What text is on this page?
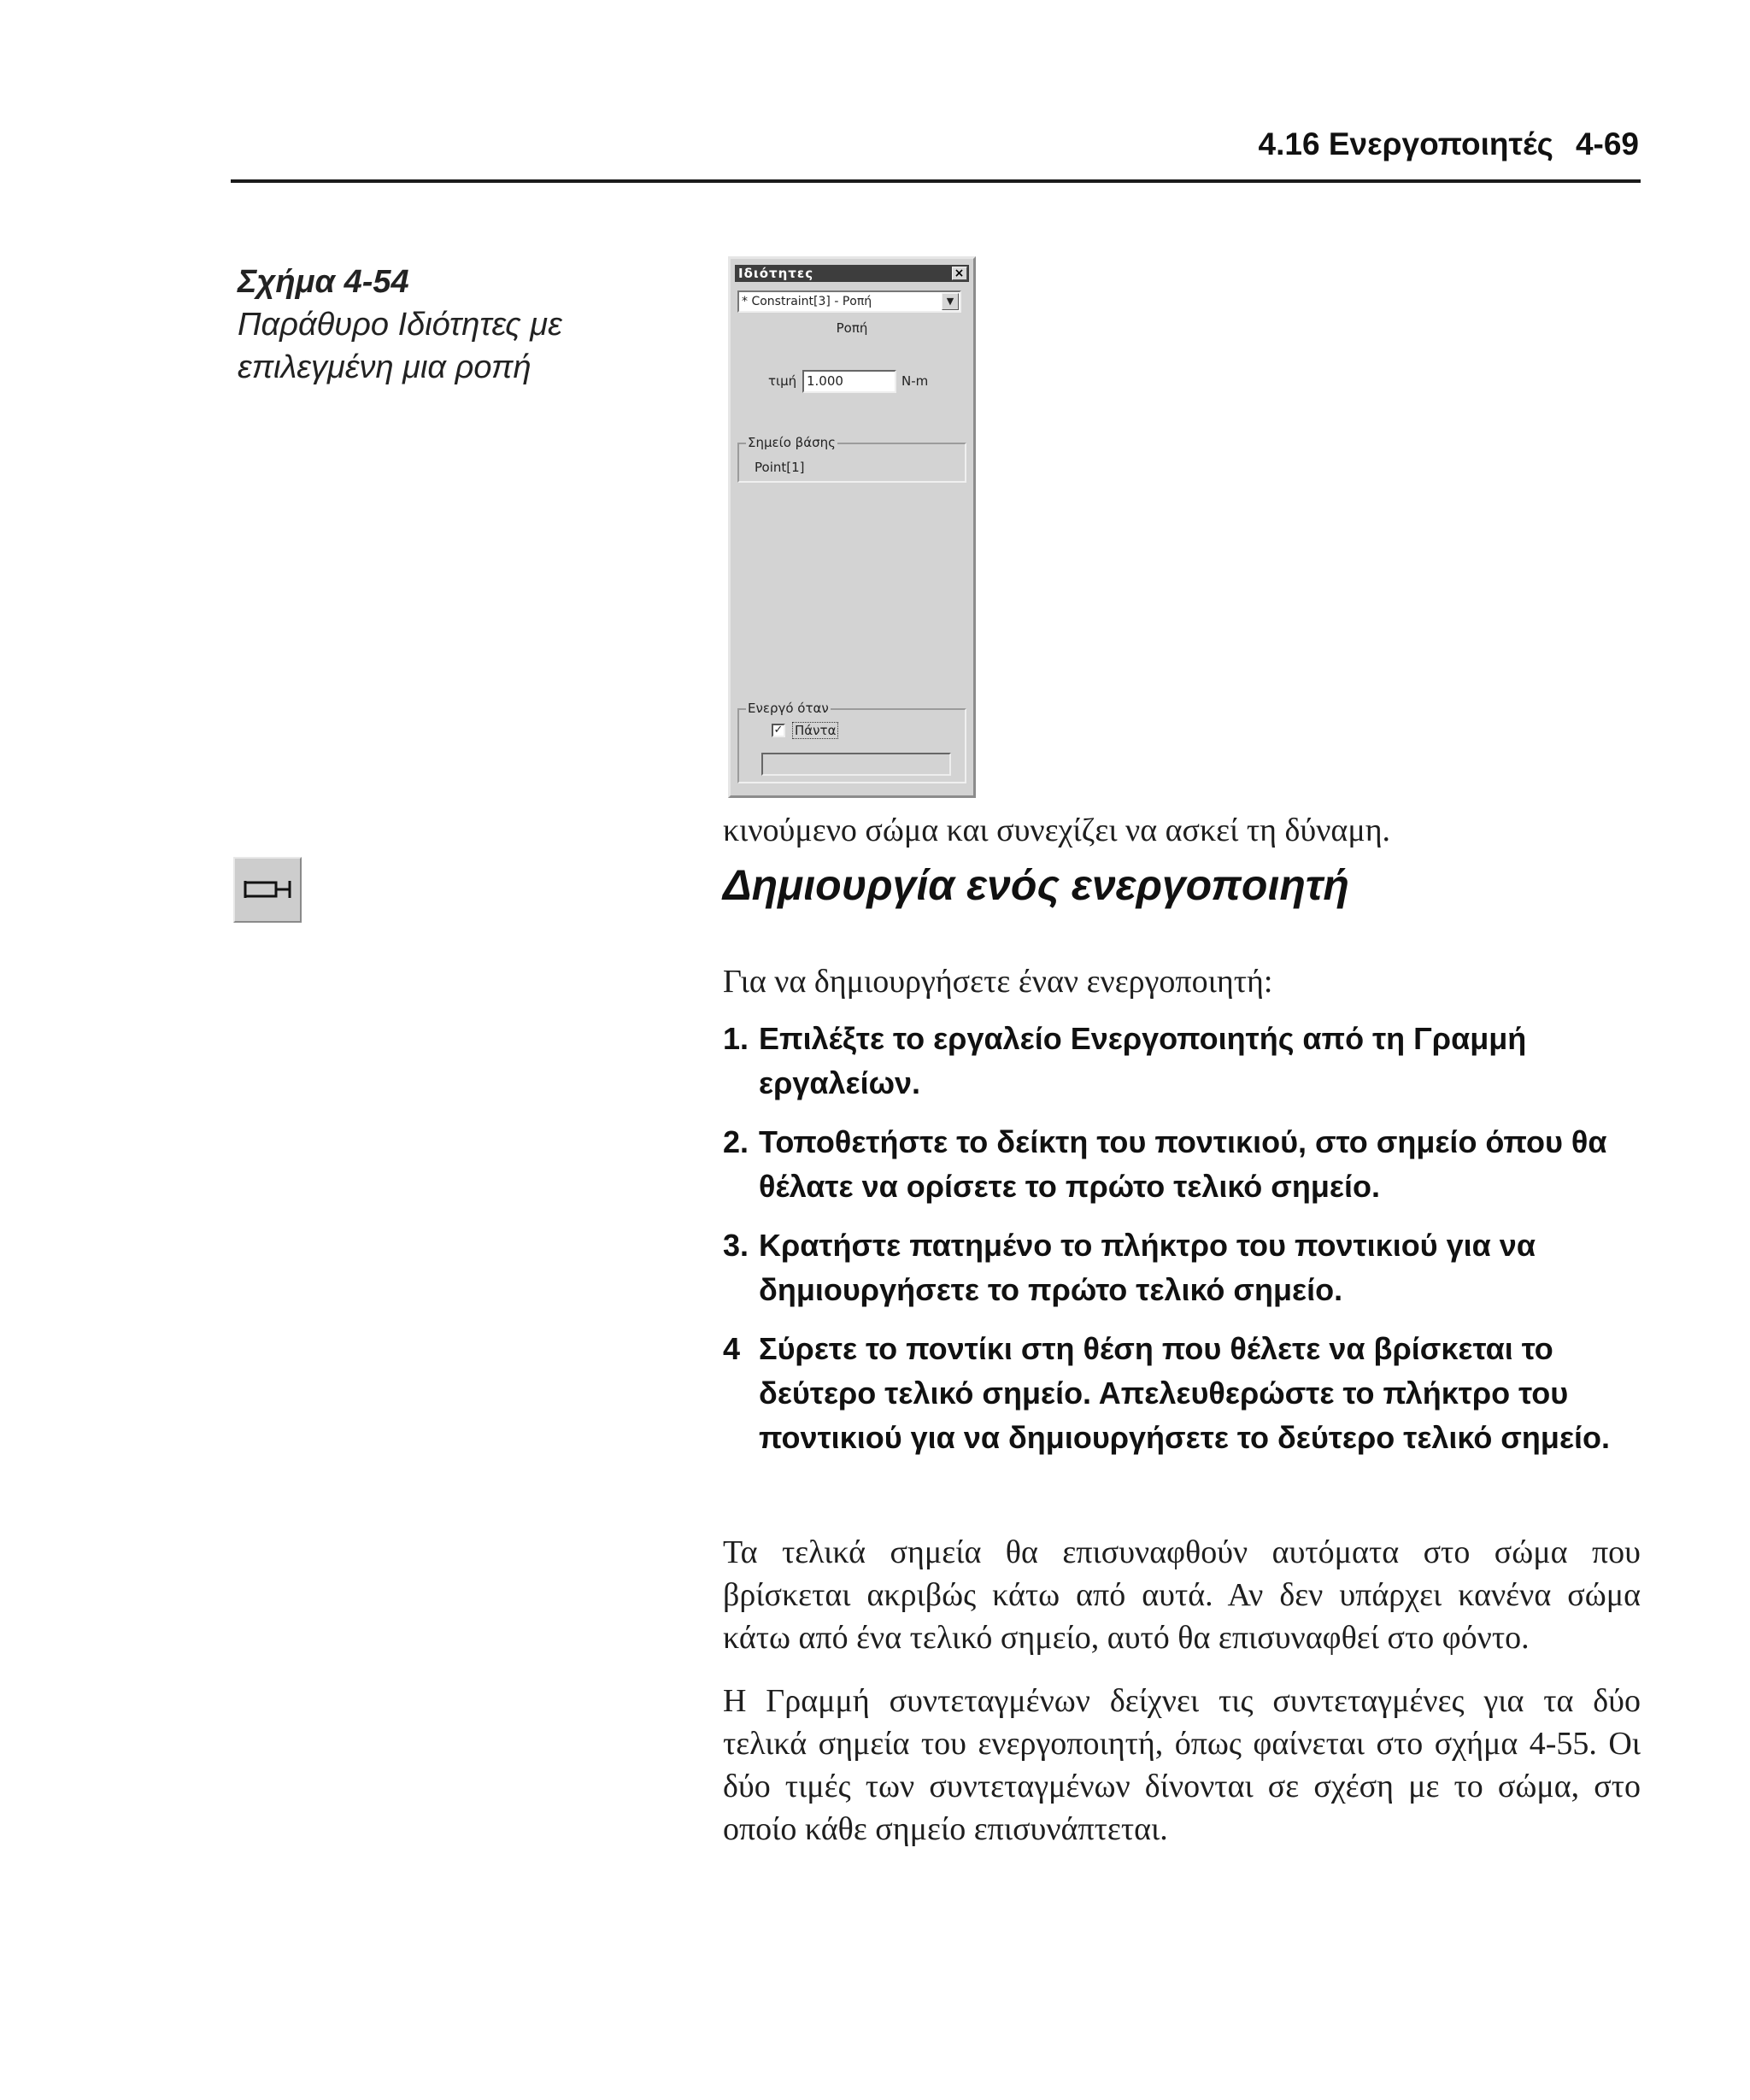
4.16 Ενεργοποιητές 4-69
Σχήμα 4-54
Παράθυρο Ιδιότητες με επιλεγμένη μια ροπή
Ιδιότητες	×
* Constraint[3] - Ροπή	▼
Ροπή
τιμή 1.000	N-m
Σημείο βάσης
Point[1]
Ενεργό όταν
✓ Πάντα

κινούμενο σώμα και συνεχίζει να ασκεί τη δύναμη.

Δημιουργία ενός ενεργοποιητή

Για να δημιουργήσετε έναν ενεργοποιητή:

1. Επιλέξτε το εργαλείο Ενεργοποιητής από τη Γραμμή εργαλείων.
2. Τοποθετήστε το δείκτη του ποντικιού, στο σημείο όπου θα θέλατε να ορίσετε το πρώτο τελικό σημείο.
3. Κρατήστε πατημένο το πλήκτρο του ποντικιού για να δημιουργήσετε το πρώτο τελικό σημείο.
4 Σύρετε το ποντίκι στη θέση που θέλετε να βρίσκεται το δεύτερο τελικό σημείο. Απελευθερώστε το πλήκτρο του ποντικιού για να δημιουργήσετε το δεύτερο τελικό σημείο.

Τα τελικά σημεία θα επισυναφθούν αυτόματα στο σώμα που βρίσκεται ακριβώς κάτω από αυτά. Αν δεν υπάρχει κανένα σώμα κάτω από ένα τελικό σημείο, αυτό θα επισυναφθεί στο φόντο.

Η Γραμμή συντεταγμένων δείχνει τις συντεταγμένες για τα δύο τελικά σημεία του ενεργοποιητή, όπως φαίνεται στο σχήμα 4-55. Οι δύο τιμές των συντεταγμένων δίνονται σε σχέση με το σώμα, στο οποίο κάθε σημείο επισυνάπτεται.
